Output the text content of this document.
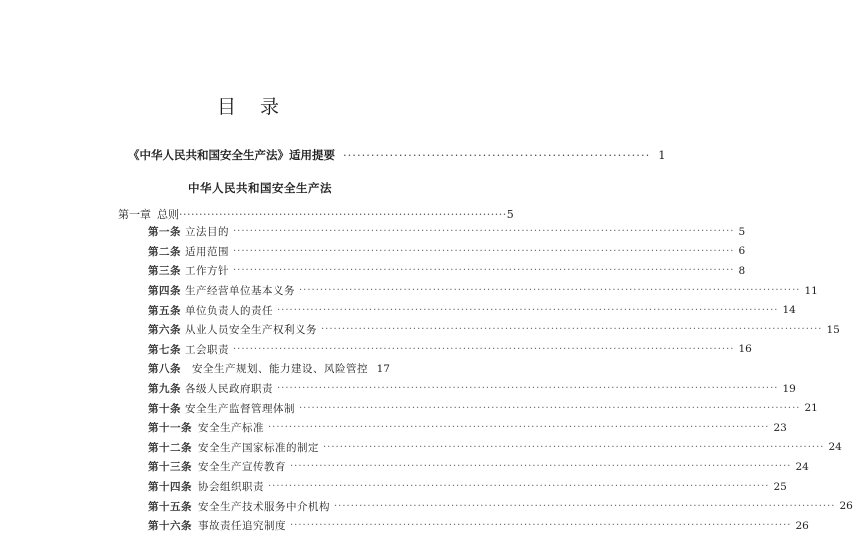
目录
《中华人民共和国安全生产法》适用提要 ·································································· 1
中华人民共和国安全生产法
第一章 总则 ·················································································· 5
第一条 立法目的 ························································································································ 5
第二条 适用范围 ························································································································ 6
第三条 工作方针 ························································································································ 8
第四条 生产经营单位基本义务 ························································································································ 11
第五条 单位负责人的责任 ························································································································ 14
第六条 从业人员安全生产权利义务 ························································································································ 15
第七条 工会职责 ························································································································ 16
第八条	安全生产规划、能力建设、风险管控 17
第九条 各级人民政府职责 ························································································································ 19
第十条 安全生产监督管理体制 ························································································································ 21
第十一条 安全生产标准 ························································································································ 23
第十二条 安全生产国家标准的制定 ························································································································ 24
第十三条 安全生产宣传教育 ························································································································ 24
第十四条 协会组织职责 ························································································································ 25
第十五条 安全生产技术服务中介机构 ························································································································ 26
第十六条 事故责任追究制度 ························································································································ 26
